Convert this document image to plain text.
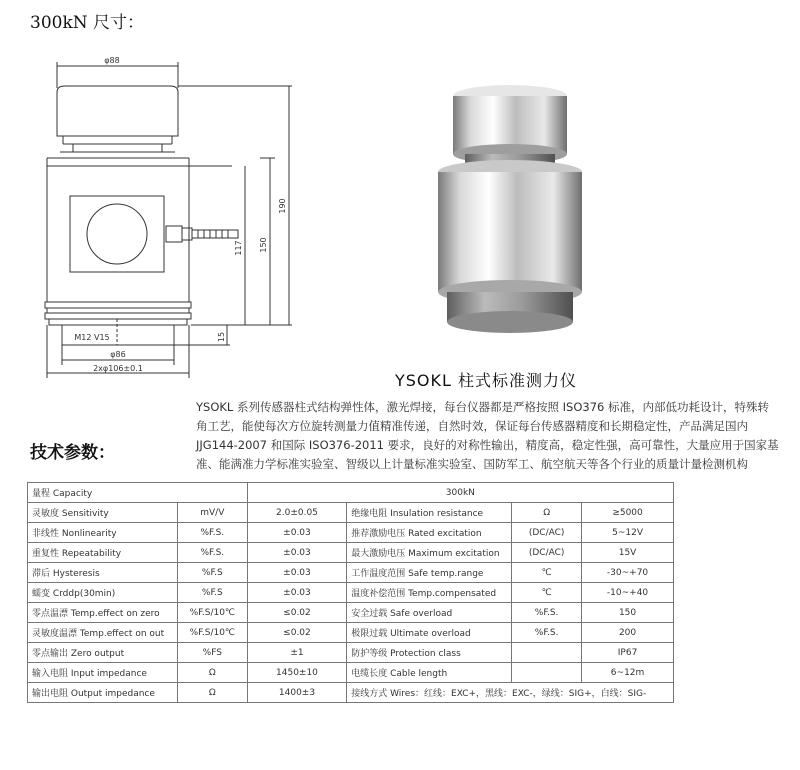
300kN 尺寸：
φ88
117 150
190
15
M12 V15
φ86
2xφ106±0.1
YSOKL 柱式标准测力仪
YSOKL 系列传感器柱式结构弹性体，激光焊接，每台仪器都是严格按照 ISO376 标准，内部低功耗设计，特殊转
角工艺，能使每次方位旋转测量力值精准传递，自然时效，保证每台传感器精度和长期稳定性，产品满足国内
JJG144-2007 和国际 ISO376-2011 要求，良好的对称性输出，精度高，稳定性强，高可靠性，大量应用于国家基
准、能满准力学标准实验室、智级以上计量标准实验室、国防军工、航空航天等各个行业的质量计量检测机构
技术参数：
量程 Capacity		300kN			
灵敏度 Sensitivity	mV/V	2.0±0.05	绝缘电阻 Insulation resistance	Ω	≥5000
非线性 Nonlinearity	%F.S.	±0.03	推荐激励电压 Rated excitation	(DC/AC)	5~12V
重复性 Repeatability	%F.S.	±0.03	最大激励电压 Maximum excitation	(DC/AC)	15V
滞后 Hysteresis	%F.S	±0.03	工作温度范围 Safe temp.range	℃	-30~+70
蠕变 Crddp(30min)	%F.S	±0.03	温度补偿范围 Temp.compensated	℃	-10~+40
零点温漂 Temp.effect on zero	%F.S/10℃	≤0.02	安全过载 Safe overload	%F.S.	150
灵敏度温漂 Temp.effect on out	%F.S/10℃	≤0.02	极限过载 Ultimate overload	%F.S.	200
零点输出 Zero output	%FS	±1	防护等级 Protection class		IP67
输入电阻 Input impedance	Ω	1450±10	电缆长度 Cable length		6~12m
输出电阻 Output impedance	Ω	1400±3	接线方式 Wires：红线：EXC+，黑线：EXC-，绿线：SIG+，白线：SIG-		
